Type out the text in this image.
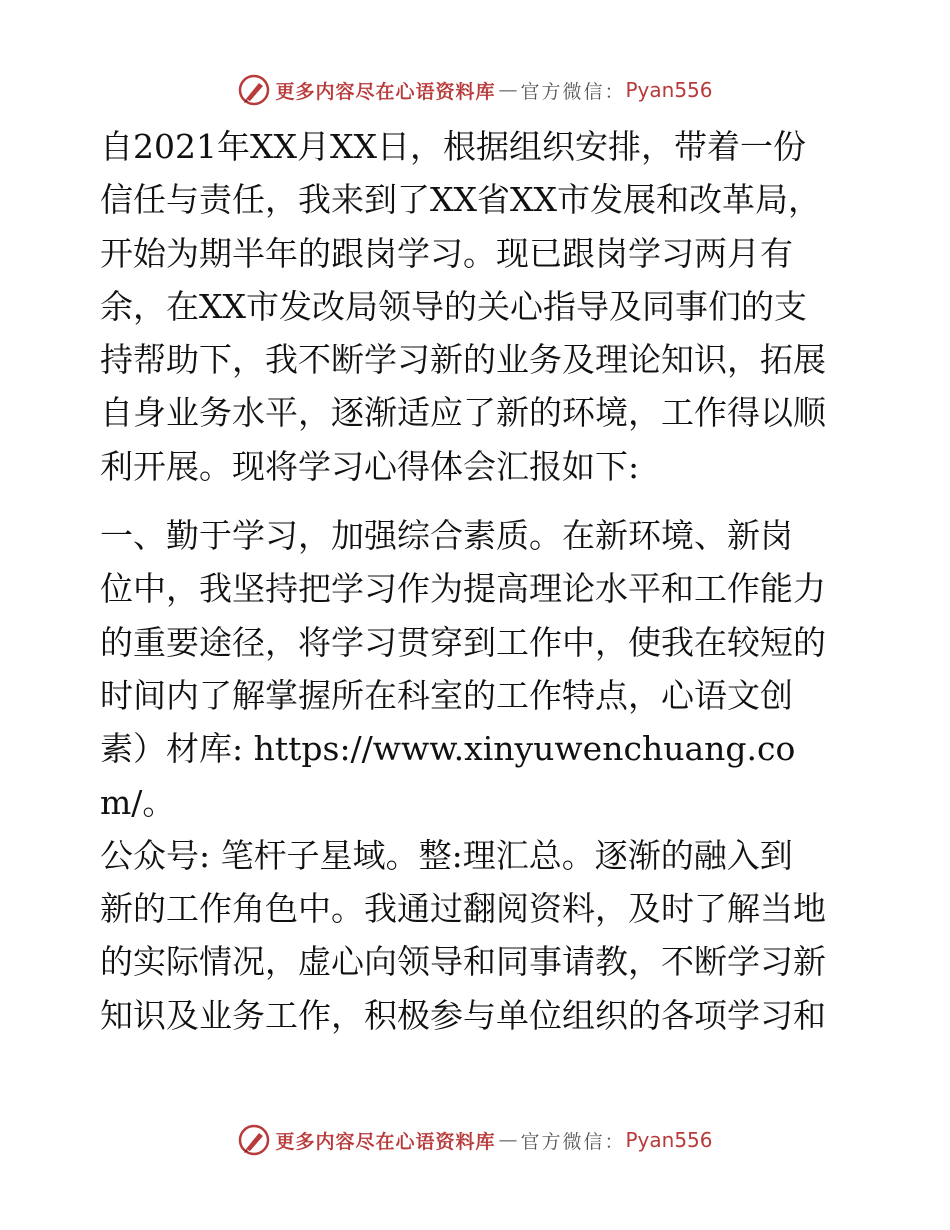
更多内容尽在心语资料库 — 官方微信： Pyan556

自2021年XX月XX日，根据组织安排，带着一份
信任与责任，我来到了XX省XX市发展和改革局，
开始为期半年的跟岗学习。现已跟岗学习两月有
余，在XX市发改局领导的关心指导及同事们的支
持帮助下，我不断学习新的业务及理论知识，拓展
自身业务水平，逐渐适应了新的环境，工作得以顺
利开展。现将学习心得体会汇报如下:

一、勤于学习，加强综合素质。在新环境、新岗
位中，我坚持把学习作为提高理论水平和工作能力
的重要途径，将学习贯穿到工作中，使我在较短的
时间内了解掌握所在科室的工作特点，心语文创
素）材库: https://www.xinyuwenchuang.com/。
公众号: 笔杆子星域。整:理汇总。逐渐的融入到
新的工作角色中。我通过翻阅资料，及时了解当地
的实际情况，虚心向领导和同事请教，不断学习新
知识及业务工作，积极参与单位组织的各项学习和

更多内容尽在心语资料库 — 官方微信： Pyan556
